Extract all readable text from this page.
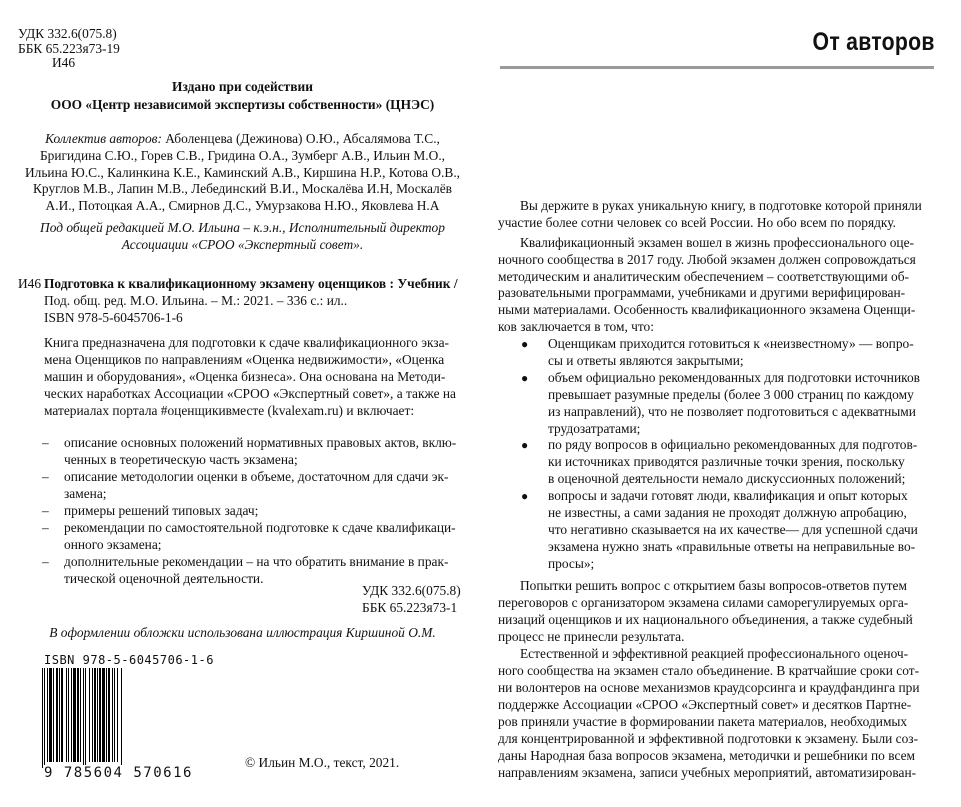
УДК 332.6(075.8)
ББК 65.223я73-19
И46
Издано при содействии
ООО «Центр независимой экспертизы собственности» (ЦНЭС)
Коллектив авторов: Аболенцева (Дежинова) О.Ю., Абсалямова Т.С.,
Бригидина С.Ю., Горев С.В., Гридина О.А., Зумберг А.В., Ильин М.О.,
Ильина Ю.С., Калинкина К.Е., Каминский А.В., Киршина Н.Р., Котова О.В.,
Круглов М.В., Лапин М.В., Лебединский В.И., Москалёва И.Н, Москалёв
А.И., Потоцкая А.А., Смирнов Д.С., Умурзакова Н.Ю., Яковлева Н.А
Под общей редакцией М.О. Ильина – к.э.н., Исполнительный директор
Ассоциации «СРОО «Экспертный совет».
И46 Подготовка к квалификационному экзамену оценщиков : Учебник /
Под. общ. ред. М.О. Ильина. – М.: 2021. – 336 с.: ил..
ISBN 978-5-6045706-1-6
Книга предназначена для подготовки к сдаче квалификационного экза-
мена Оценщиков по направлениям «Оценка недвижимости», «Оценка
машин и оборудования», «Оценка бизнеса». Она основана на Методи-
ческих наработках Ассоциации «СРОО «Экспертный совет», а также на
материалах портала #оценщикивместе (kvalexam.ru) и включает:
– описание основных положений нормативных правовых актов, вклю-
ченных в теоретическую часть экзамена;
– описание методологии оценки в объеме, достаточном для сдачи эк-
замена;
– примеры решений типовых задач;
– рекомендации по самостоятельной подготовке к сдаче квалификаци-
онного экзамена;
– дополнительные рекомендации – на что обратить внимание в прак-
тической оценочной деятельности.
УДК 332.6(075.8)
ББК 65.223я73-1
В оформлении обложки использована иллюстрация Киршиной О.М.
ISBN 978-5-6045706-1-6
9 785604 570616
© Ильин М.О., текст, 2021.
От авторов
Вы держите в руках уникальную книгу, в подготовке которой приняли
участие более сотни человек со всей России. Но обо всем по порядку.
Квалификационный экзамен вошел в жизнь профессионального оце-
ночного сообщества в 2017 году. Любой экзамен должен сопровождаться
методическим и аналитическим обеспечением – соответствующими об-
разовательными программами, учебниками и другими верифицирован-
ными материалами. Особенность квалификационного экзамена Оценщи-
ков заключается в том, что:
● Оценщикам приходится готовиться к «неизвестному» — вопро-
сы и ответы являются закрытыми;
● объем официально рекомендованных для подготовки источников
превышает разумные пределы (более 3 000 страниц по каждому
из направлений), что не позволяет подготовиться с адекватными
трудозатратами;
● по ряду вопросов в официально рекомендованных для подготов-
ки источниках приводятся различные точки зрения, поскольку
в оценочной деятельности немало дискуссионных положений;
● вопросы и задачи готовят люди, квалификация и опыт которых
не известны, а сами задания не проходят должную апробацию,
что негативно сказывается на их качестве— для успешной сдачи
экзамена нужно знать «правильные ответы на неправильные во-
просы»;
Попытки решить вопрос с открытием базы вопросов-ответов путем
переговоров с организатором экзамена силами саморегулируемых орга-
низаций оценщиков и их национального объединения, а также судебный
процесс не принесли результата.
Естественной и эффективной реакцией профессионального оценоч-
ного сообщества на экзамен стало объединение. В кратчайшие сроки сот-
ни волонтеров на основе механизмов краудсорсинга и краудфандинга при
поддержке Ассоциации «СРОО «Экспертный совет» и десятков Партне-
ров приняли участие в формировании пакета материалов, необходимых
для концентрированной и эффективной подготовки к экзамену. Были соз-
даны Народная база вопросов экзамена, методички и решебники по всем
направлениям экзамена, записи учебных мероприятий, автоматизирован-
